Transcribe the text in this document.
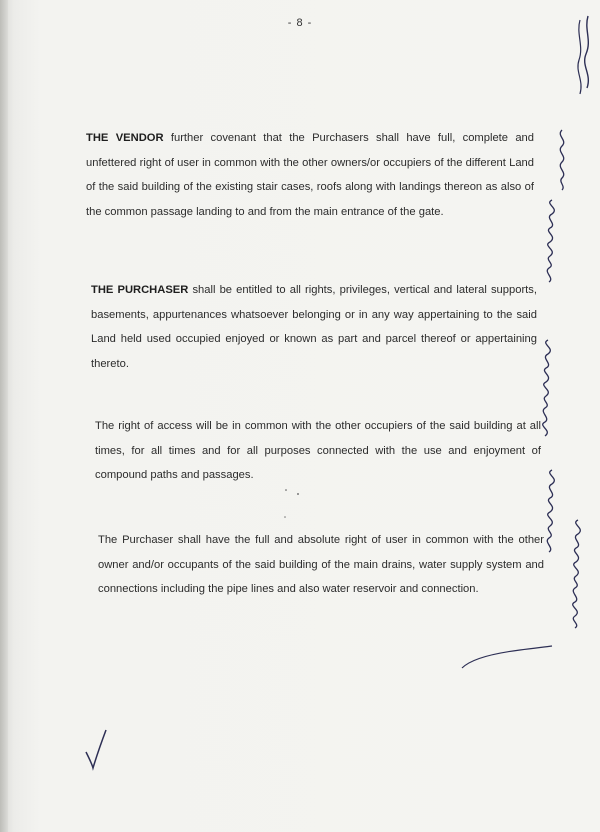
- 8 -
THE VENDOR further covenant that the Purchasers shall have full, complete and unfettered right of user in common with the other owners/or occupiers of the different Land of the said building of the existing stair cases, roofs along with landings thereon as also of the common passage landing to and from the main entrance of the gate.
THE PURCHASER shall be entitled to all rights, privileges, vertical and lateral supports, basements, appurtenances whatsoever belonging or in any way appertaining to the said Land held used occupied enjoyed or known as part and parcel thereof or appertaining thereto.
The right of access will be in common with the other occupiers of the said building at all times, for all times and for all purposes connected with the use and enjoyment of compound paths and passages.
The Purchaser shall have the full and absolute right of user in common with the other owner and/or occupants of the said building of the main drains, water supply system and connections including the pipe lines and also water reservoir and connection.
